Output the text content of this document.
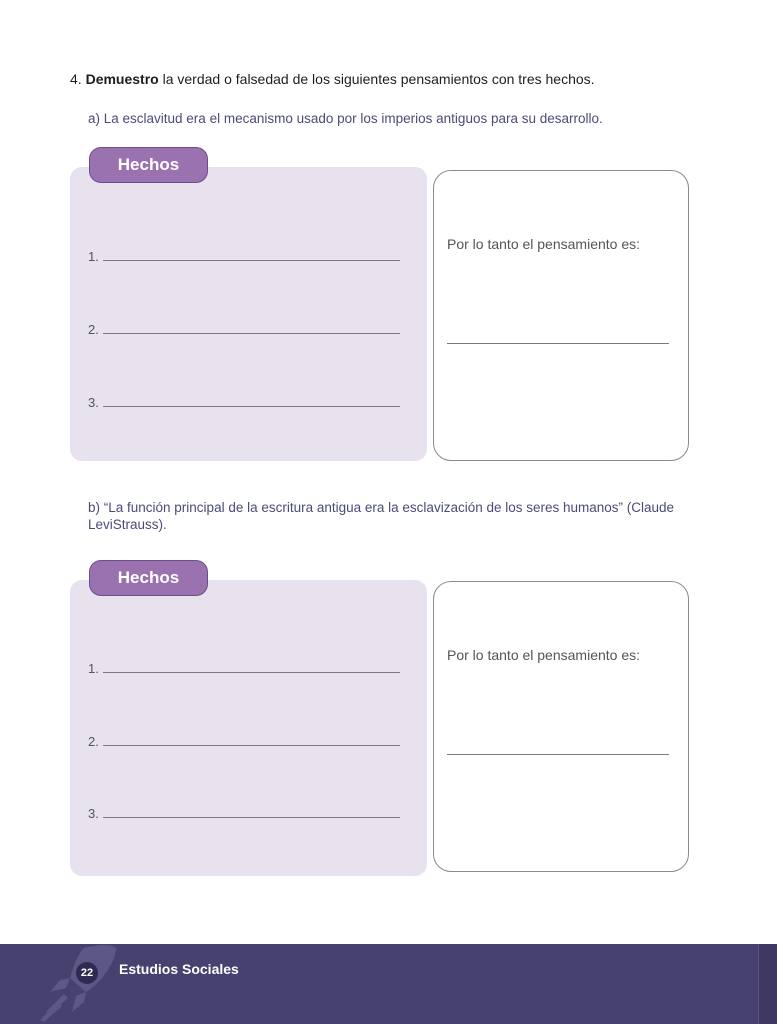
4. Demuestro la verdad o falsedad de los siguientes pensamientos con tres hechos.
a) La esclavitud era el mecanismo usado por los imperios antiguos para su desarrollo.
Hechos
1.
2.
3.
Por lo tanto el pensamiento es:
b) “La función principal de la escritura antigua era la esclavización de los seres humanos” (Claude LeviStrauss).
Hechos
1.
2.
3.
Por lo tanto el pensamiento es:
22	Estudios Sociales
